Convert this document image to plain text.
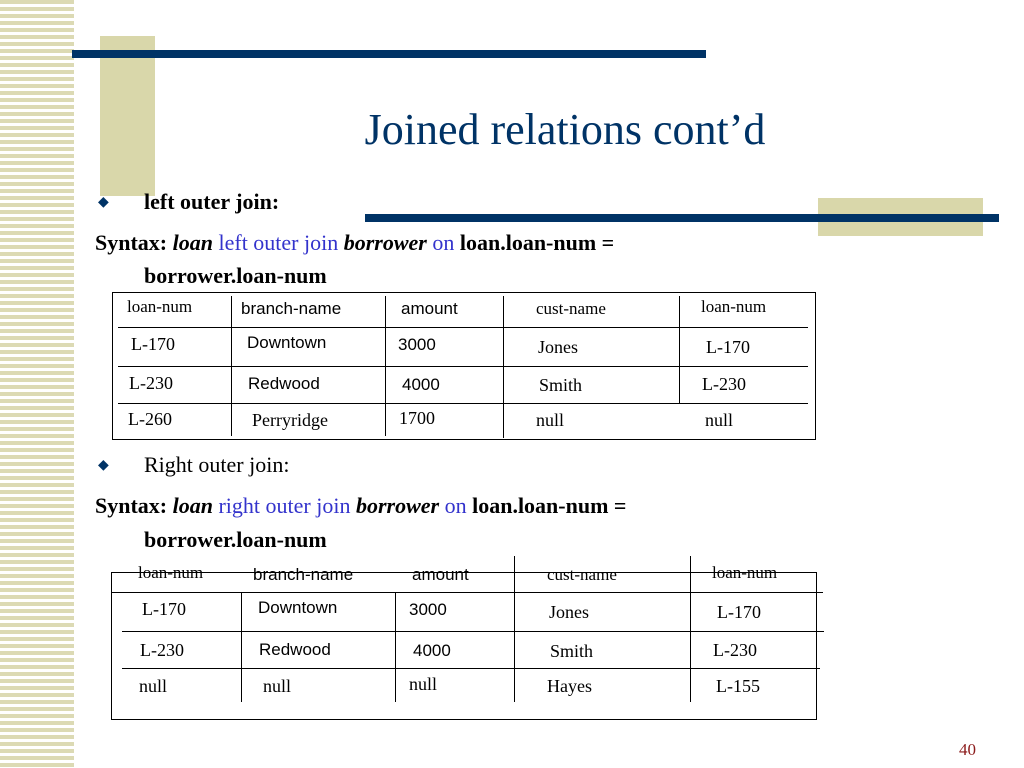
Joined relations cont’d
◆ left outer join:
Syntax: loan left outer join borrower on loan.loan-num =
borrower.loan-num
loan-num	branch-name	amount	cust-name	loan-num
L-170	Downtown	3000	Jones	L-170
L-230	Redwood	4000	Smith	L-230
L-260	Perryridge	1700	null	null
◆ Right outer join:
Syntax: loan right outer join borrower on loan.loan-num =
borrower.loan-num
loan-num	branch-name	amount	cust-name	loan-num
L-170	Downtown	3000	Jones	L-170
L-230	Redwood	4000	Smith	L-230
null	null	null	Hayes	L-155
40
